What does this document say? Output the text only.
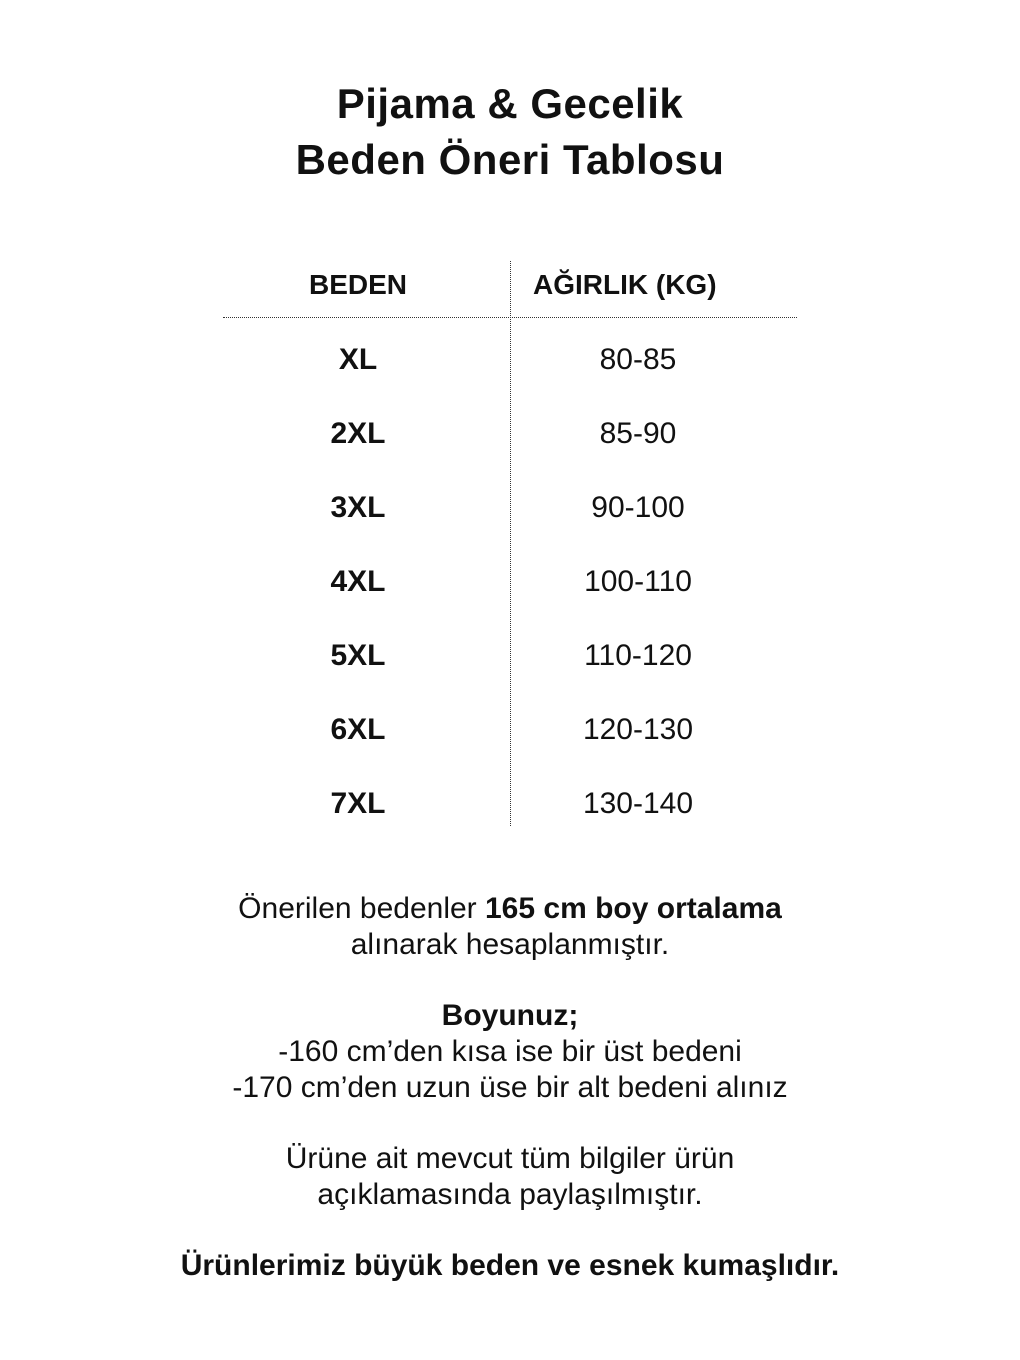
Pijama & Gecelik
Beden Öneri Tablosu
BEDEN	AĞIRLIK (KG)
XL	80-85
2XL	85-90
3XL	90-100
4XL	100-110
5XL	110-120
6XL	120-130
7XL	130-140
Önerilen bedenler 165 cm boy ortalama
alınarak hesaplanmıştır.
Boyunuz;
-160 cm’den kısa ise bir üst bedeni
-170 cm’den uzun üse bir alt bedeni alınız
Ürüne ait mevcut tüm bilgiler ürün
açıklamasında paylaşılmıştır.
Ürünlerimiz büyük beden ve esnek kumaşlıdır.
